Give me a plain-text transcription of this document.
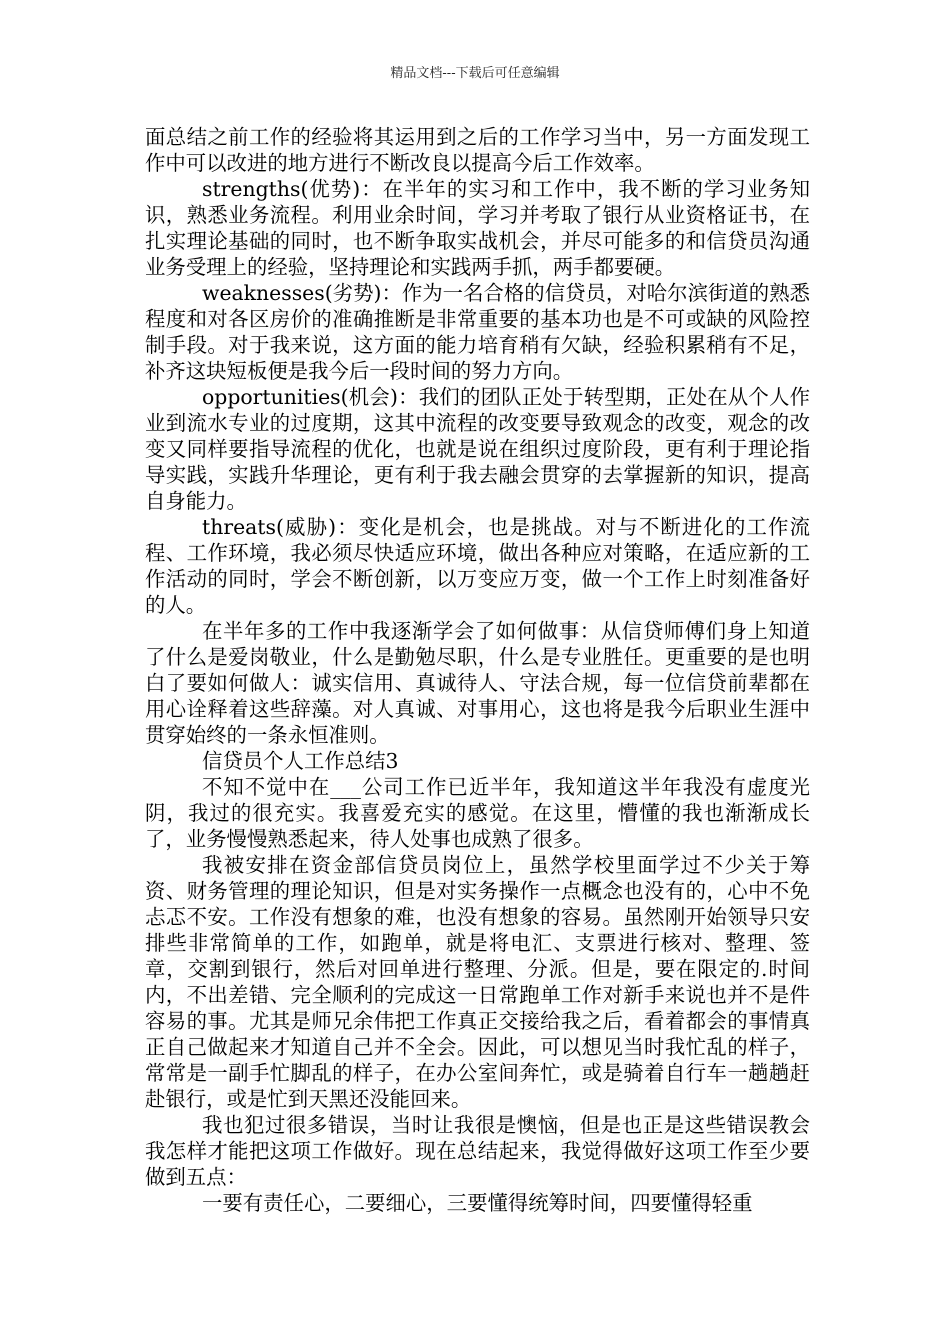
精品文档---下载后可任意编辑

面总结之前工作的经验将其运用到之后的工作学习当中，另一方面发现工作中可以改进的地方进行不断改良以提高今后工作效率。

strengths(优势)：在半年的实习和工作中，我不断的学习业务知识，熟悉业务流程。利用业余时间，学习并考取了银行从业资格证书，在扎实理论基础的同时，也不断争取实战机会，并尽可能多的和信贷员沟通业务受理上的经验，坚持理论和实践两手抓，两手都要硬。

weaknesses(劣势)：作为一名合格的信贷员，对哈尔滨街道的熟悉程度和对各区房价的准确推断是非常重要的基本功也是不可或缺的风险控制手段。对于我来说，这方面的能力培育稍有欠缺，经验积累稍有不足，补齐这块短板便是我今后一段时间的努力方向。

opportunities(机会)：我们的团队正处于转型期，正处在从个人作业到流水专业的过度期，这其中流程的改变要导致观念的改变，观念的改变又同样要指导流程的优化，也就是说在组织过度阶段，更有利于理论指导实践，实践升华理论，更有利于我去融会贯穿的去掌握新的知识，提高自身能力。

threats(威胁)：变化是机会，也是挑战。对与不断进化的工作流程、工作环境，我必须尽快适应环境，做出各种应对策略，在适应新的工作活动的同时，学会不断创新，以万变应万变，做一个工作上时刻准备好的人。

在半年多的工作中我逐渐学会了如何做事：从信贷师傅们身上知道了什么是爱岗敬业，什么是勤勉尽职，什么是专业胜任。更重要的是也明白了要如何做人：诚实信用、真诚待人、守法合规，每一位信贷前辈都在用心诠释着这些辞藻。对人真诚、对事用心，这也将是我今后职业生涯中贯穿始终的一条永恒准则。

信贷员个人工作总结3

不知不觉中在___公司工作已近半年，我知道这半年我没有虚度光阴，我过的很充实。我喜爱充实的感觉。在这里，懵懂的我也渐渐成长了，业务慢慢熟悉起来，待人处事也成熟了很多。

我被安排在资金部信贷员岗位上，虽然学校里面学过不少关于筹资、财务管理的理论知识，但是对实务操作一点概念也没有的，心中不免忐忑不安。工作没有想象的难，也没有想象的容易。虽然刚开始领导只安排些非常简单的工作，如跑单，就是将电汇、支票进行核对、整理、签章，交割到银行，然后对回单进行整理、分派。但是，要在限定的.时间内，不出差错、完全顺利的完成这一日常跑单工作对新手来说也并不是件容易的事。尤其是师兄余伟把工作真正交接给我之后，看着都会的事情真正自己做起来才知道自己并不全会。因此，可以想见当时我忙乱的样子，常常是一副手忙脚乱的样子，在办公室间奔忙，或是骑着自行车一趟趟赶赴银行，或是忙到天黑还没能回来。

我也犯过很多错误，当时让我很是懊恼，但是也正是这些错误教会我怎样才能把这项工作做好。现在总结起来，我觉得做好这项工作至少要做到五点：

一要有责任心，二要细心，三要懂得统筹时间，四要懂得轻重
